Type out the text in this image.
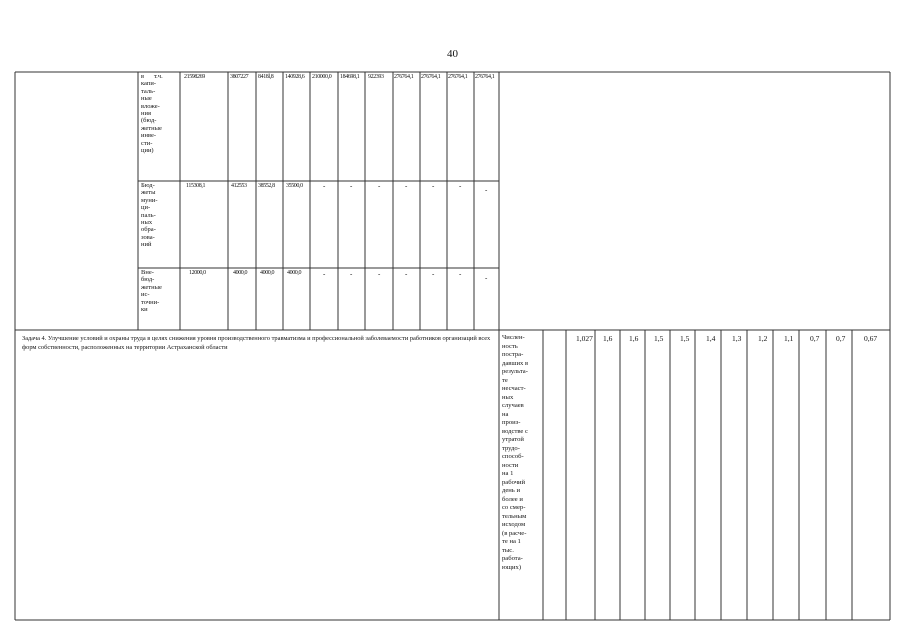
40
в      т.ч.
капи-
таль-
ные
вложе-
ния
(бюд-
жетные
инве-
сти-
ции)
21598269	3807227 8418l,8 140928,6 210000,0 184698,1 922393 276764,1 276764,1 276764,1 276764,1
Бюд-
жеты
муни-
ци-
паль-
ных
обра-
зова-
ний
115308,1	412553 38552,8 35500,0	-	-	-	-	-	-	-
Вне-
бюд-
жетные
ис-
точни-
ки
12000,0	4000,0 4000,0 4000,0	-	-	-	-	-	-	-
Задача 4. Улучшение условий и охраны труда в целях снижения уровня производственного травматизма и профессиональной заболеваемости работников организаций всех форм собственности, расположенных на территории Астраханской области
Числен-
ность
постра-
давших в
результа-
те
несчаст-
ных
случаев
на
произ-
водстве с
утратой
трудо-
способ-
ности
на 1
рабочий
день и
более и
со смер-
тельным
исходом
(в расче-
те на 1
тыс.
работа-
ющих)
1,027 1,6 1,6 1,5 1,5 1,4 1,3 1,2 1,1 0,7 0,7 0,67
